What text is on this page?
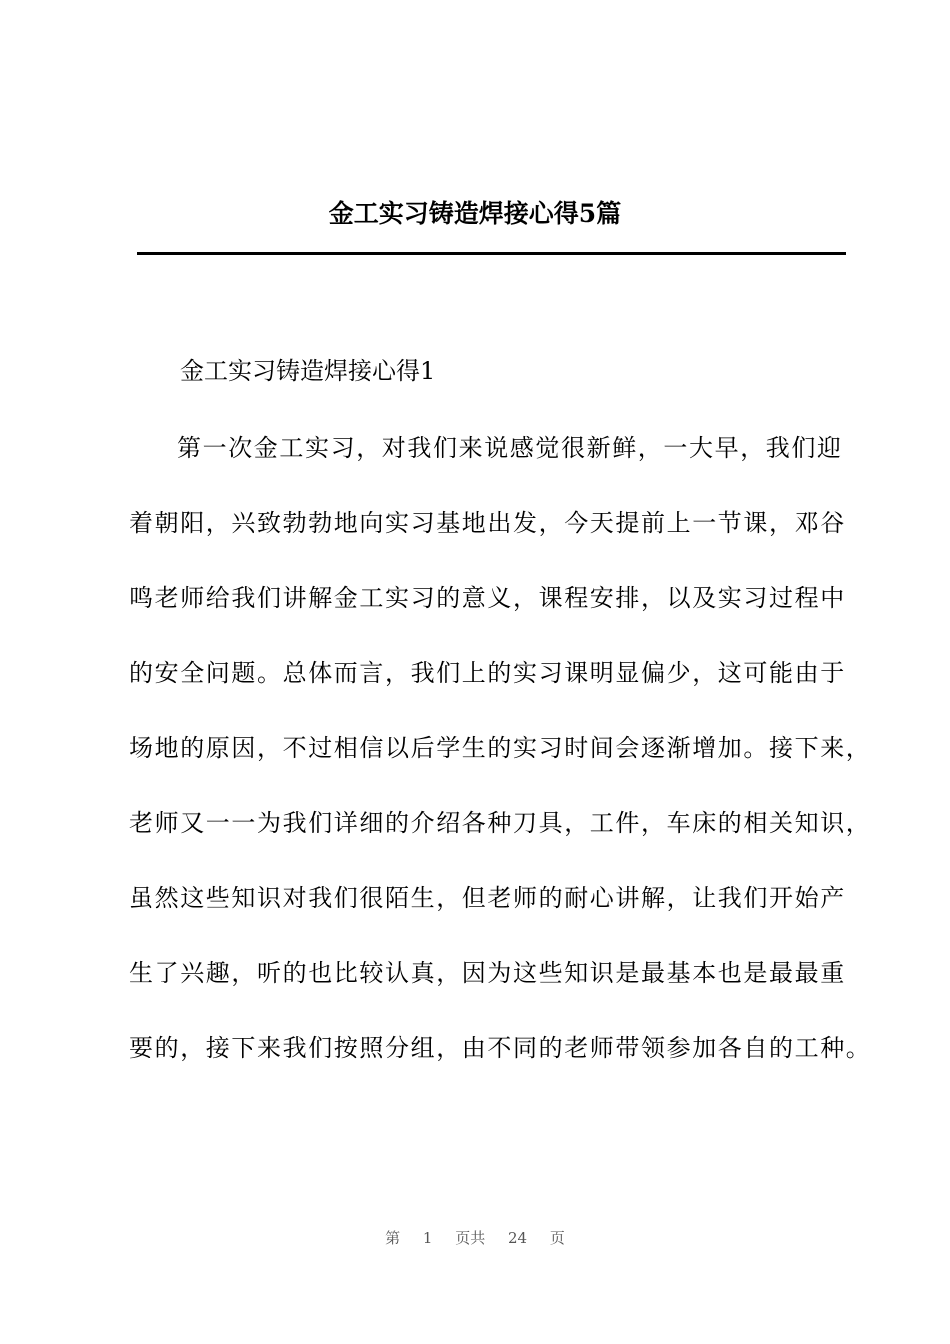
金工实习铸造焊接心得5篇
金工实习铸造焊接心得1
第一次金工实习，对我们来说感觉很新鲜，一大早，我们迎
着朝阳，兴致勃勃地向实习基地出发，今天提前上一节课，邓谷
鸣老师给我们讲解金工实习的意义，课程安排，以及实习过程中
的安全问题。总体而言，我们上的实习课明显偏少，这可能由于
场地的原因，不过相信以后学生的实习时间会逐渐增加。接下来，
老师又一一为我们详细的介绍各种刀具，工件，车床的相关知识，
虽然这些知识对我们很陌生，但老师的耐心讲解，让我们开始产
生了兴趣，听的也比较认真，因为这些知识是最基本也是最最重
要的，接下来我们按照分组，由不同的老师带领参加各自的工种。
第 1 页共 24 页
